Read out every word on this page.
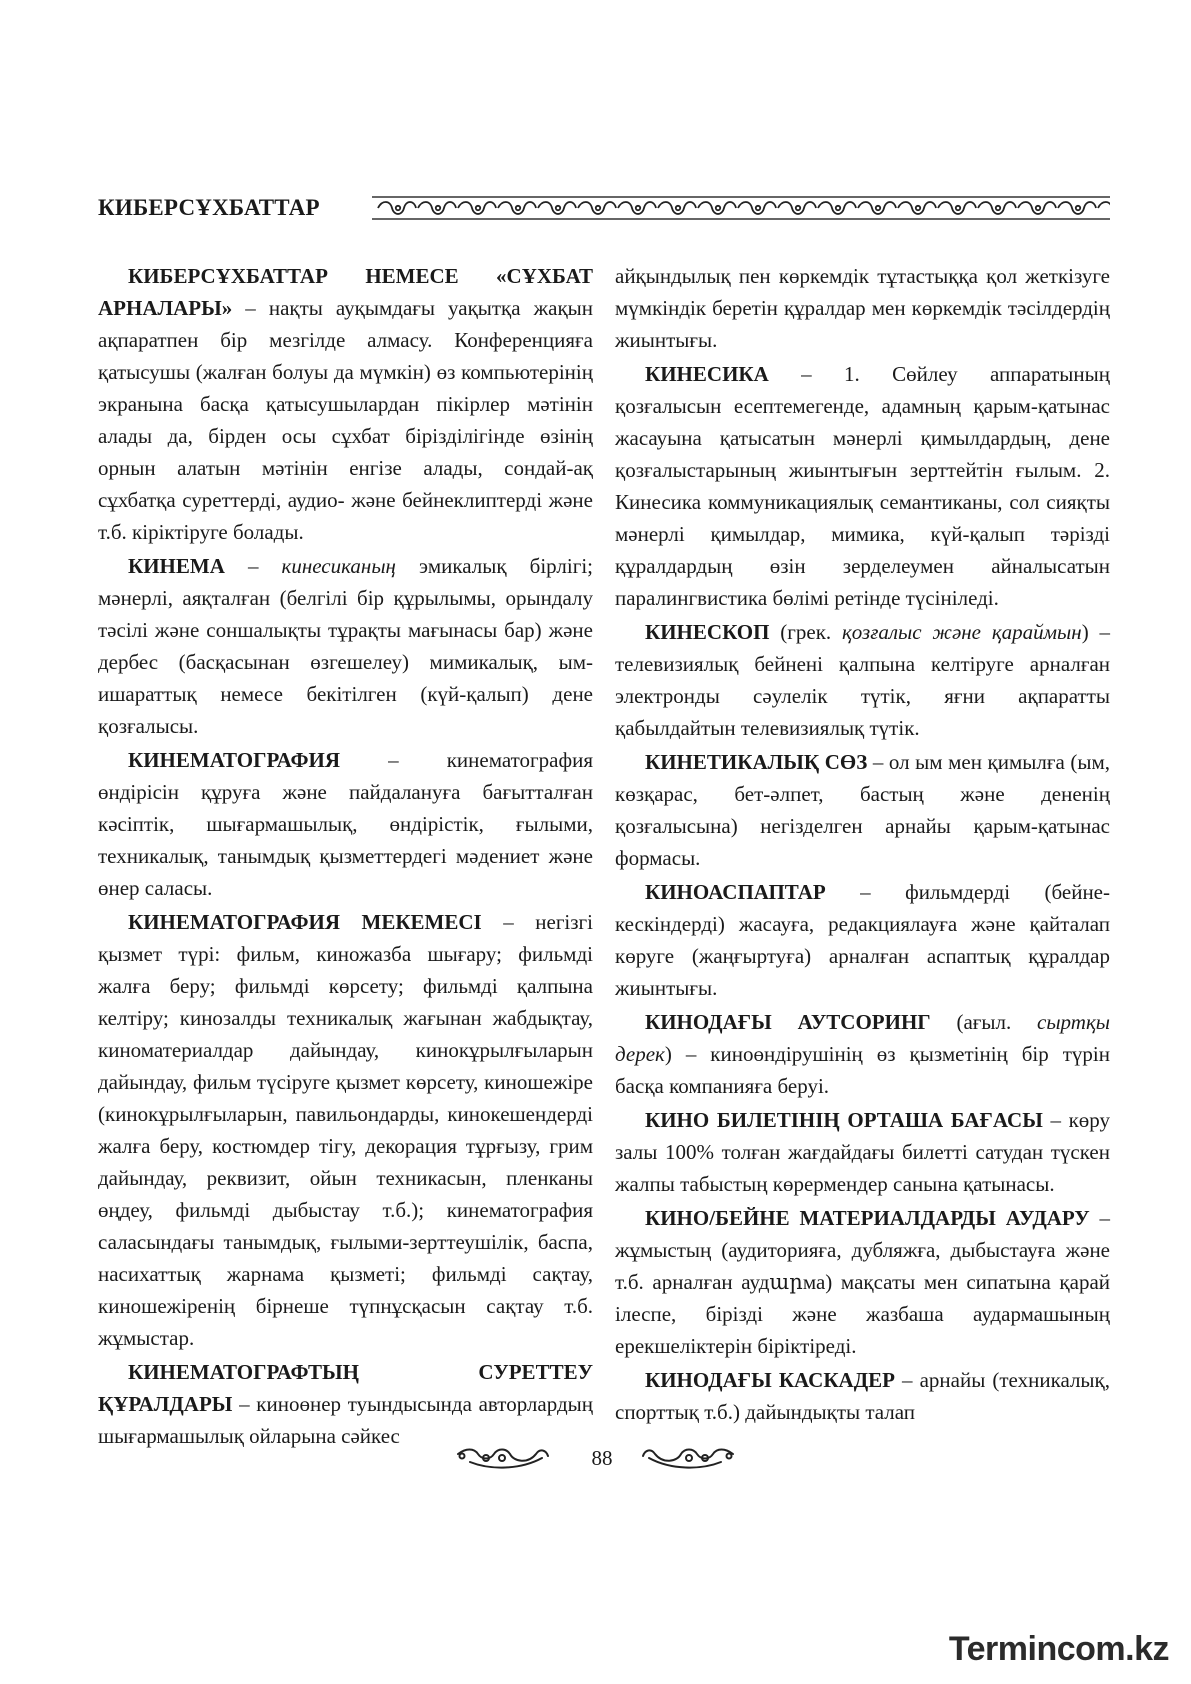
КИБЕРСҰХБАТТАР

КИБЕРСҰХБАТТАР НЕМЕСЕ «СҰХБАТ АРНАЛАРЫ» – нақты ауқымдағы уақытқа жақын ақпаратпен бір мезгілде алмасу. Конференцияға қатысушы (жалған болуы да мүмкін) өз компьютерінің экранына басқа қатысушылардан пікірлер мәтінін алады да, бірден осы сұхбат бірізділігінде өзінің орнын алатын мәтінін енгізе алады, сондай-ақ сұхбатқа суреттерді, аудио- және бейнеклиптерді және т.б. кіріктіруге болады.

КИНЕМА – кинесиканың эмикалық бірлігі; мәнерлі, аяқталған (белгілі бір құрылымы, орындалу тәсілі және соншалықты тұрақты мағынасы бар) және дербес (басқасынан өзгешелеу) мимикалық, ым-ишараттық немесе бекітілген (күй-қалып) дене қозғалысы.

КИНЕМАТОГРАФИЯ – кинематография өндірісін құруға және пайдалануға бағытталған кәсіптік, шығармашылық, өндірістік, ғылыми, техникалық, танымдық қызметтердегі мәдениет және өнер саласы.

КИНЕМАТОГРАФИЯ МЕКЕМЕСІ – негізгі қызмет түрі: фильм, киножазба шығару; фильмді жалға беру; фильмді көрсету; фильмді қалпына келтіру; кинозалды техникалық жағынан жабдықтау, киноматериалдар дайындау, кинокұрылғыларын дайындау, фильм түсіруге қызмет көрсету, киношежіре (кинокұрылғыларын, павильондарды, кинокешендерді жалға беру, костюмдер тігу, декорация тұрғызу, грим дайындау, реквизит, ойын техникасын, пленканы өңдеу, фильмді дыбыстау т.б.); кинематография саласындағы танымдық, ғылыми-зерттеушілік, баспа, насихаттық жарнама қызметі; фильмді сақтау, киношежіренің бірнеше түпнұсқасын сақтау т.б. жұмыстар.

КИНЕМАТОГРАФТЫҢ СУРЕТТЕУ ҚҰРАЛДАРЫ – киноөнер туындысында авторлардың шығармашылық ойларына сәйкес

айқындылық пен көркемдік тұтастыққа қол жеткізуге мүмкіндік беретін құралдар мен көркемдік тәсілдердің жиынтығы.

КИНЕСИКА – 1. Сөйлеу аппаратының қозғалысын есептемегенде, адамның қарым-қатынас жасауына қатысатын мәнерлі қимылдардың, дене қозғалыстарының жиынтығын зерттейтін ғылым. 2. Кинесика коммуникациялық семантиканы, сол сияқты мәнерлі қимылдар, мимика, күй-қалып тәрізді құралдардың өзін зерделеумен айналысатын паралингвистика бөлімі ретінде түсініледі.

КИНЕСКОП (грек. қозғалыс және қараймын) – телевизиялық бейнені қалпына келтіруге арналған электронды сәулелік түтік, яғни ақпаратты қабылдайтын телевизиялық түтік.

КИНЕТИКАЛЫҚ СӨЗ – ол ым мен қимылға (ым, көзқарас, бет-әлпет, бастың және дененің қозғалысына) негізделген арнайы қарым-қатынас формасы.

КИНОАСПАПТАР – фильмдерді (бейне-кескіндерді) жасауға, редакциялауға және қайталап көруге (жаңғыртуға) арналған аспаптық құралдар жиынтығы.

КИНОДАҒЫ АУТСОРИНГ (ағыл. сыртқы дерек) – киноөндірушінің өз қызметінің бір түрін басқа компанияға беруі.

КИНО БИЛЕТІНІҢ ОРТАША БАҒАСЫ – көру залы 100% толған жағдайдағы билетті сатудан түскен жалпы табыстың көрермендер санына қатынасы.

КИНО/БЕЙНЕ МАТЕРИАЛДАРДЫ АУДАРУ – жұмыстың (аудиторияға, дубляжға, дыбыстауға және т.б. арналған аудարма) мақсаты мен сипатына қарай ілеспе, бірізді және жазбаша аудармашының ерекшеліктерін біріктіреді.

КИНОДАҒЫ КАСКАДЕР – арнайы (техникалық, спорттық т.б.) дайындықты талап

88
Termincom.kz
